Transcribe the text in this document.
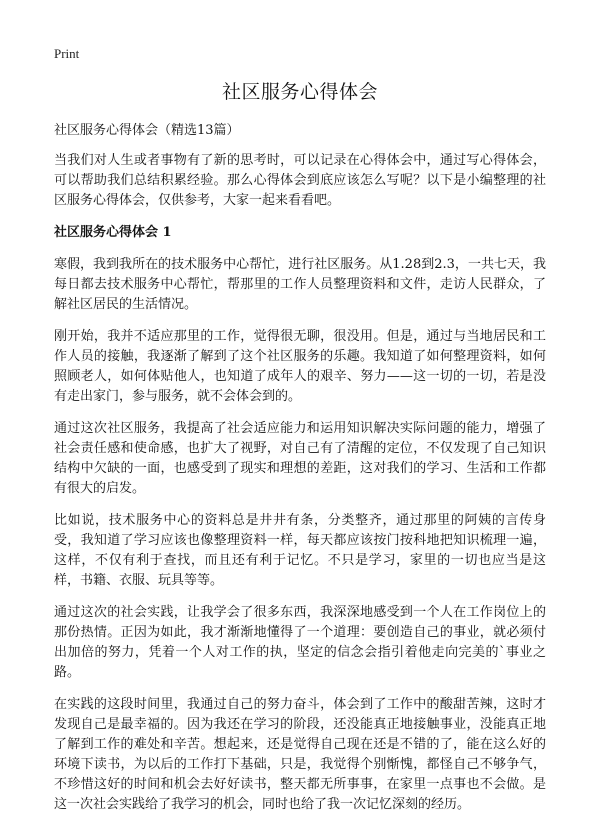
Print
社区服务心得体会

社区服务心得体会（精选13篇）

当我们对人生或者事物有了新的思考时，可以记录在心得体会中，通过写心得体会，可以帮助我们总结积累经验。那么心得体会到底应该怎么写呢？以下是小编整理的社区服务心得体会，仅供参考，大家一起来看看吧。

社区服务心得体会 1

寒假，我到我所在的技术服务中心帮忙，进行社区服务。从1.28到2.3，一共七天，我每日都去技术服务中心帮忙，帮那里的工作人员整理资料和文件，走访人民群众，了解社区居民的生活情况。

刚开始，我并不适应那里的工作，觉得很无聊，很没用。但是，通过与当地居民和工作人员的接触，我逐渐了解到了这个社区服务的乐趣。我知道了如何整理资料，如何照顾老人，如何体贴他人，也知道了成年人的艰辛、努力——这一切的一切，若是没有走出家门，参与服务，就不会体会到的。

通过这次社区服务，我提高了社会适应能力和运用知识解决实际问题的能力，增强了社会责任感和使命感，也扩大了视野，对自己有了清醒的定位，不仅发现了自己知识结构中欠缺的一面，也感受到了现实和理想的差距，这对我们的学习、生活和工作都有很大的启发。

比如说，技术服务中心的资料总是井井有条，分类整齐，通过那里的阿姨的言传身受，我知道了学习应该也像整理资料一样，每天都应该按门按科地把知识梳理一遍，这样，不仅有利于查找，而且还有利于记忆。不只是学习，家里的一切也应当是这样，书籍、衣服、玩具等等。

通过这次的社会实践，让我学会了很多东西，我深深地感受到一个人在工作岗位上的那份热情。正因为如此，我才渐渐地懂得了一个道理：要创造自己的事业，就必须付出加倍的努力，凭着一个人对工作的执，坚定的信念会指引着他走向完美的`事业之路。

在实践的这段时间里，我通过自己的努力奋斗，体会到了工作中的酸甜苦辣，这时才发现自己是最幸福的。因为我还在学习的阶段，还没能真正地接触事业，没能真正地了解到工作的难处和辛苦。想起来，还是觉得自己现在还是不错的了，能在这么好的环境下读书，为以后的工作打下基础，只是，我觉得个别惭愧，都怪自己不够争气，不珍惜这好的时间和机会去好好读书，整天都无所事事，在家里一点事也不会做。是这一次社会实践给了我学习的机会，同时也给了我一次记忆深刻的经历。
